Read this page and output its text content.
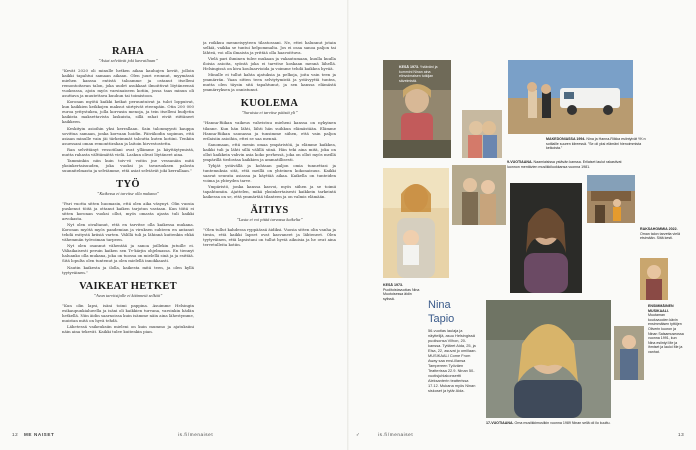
RAHA
”Asiat selviävät joki kavrailiaan”

”Kevät 2020 oli minulle hetken aikaa kauhujen kevät, jolloin kaikki tapahtui samaan aikaan. Olen juuri eronnut, myymässä miehen kanssa entistä taloamme ja ostanut itselleni remontoitavan talon, joka uudet asukkaat ilmoittivat löytäneensä vuokrassa, ajoin myös varsinaiseen kotiin, jossa taas minun oli asuttava ja muutettava kuuhun tai toimistoon.

Koronan myötä kaikki keikat peruuntuivat ja tulot loppuivat, kun kaikkien keikkojen maksut siirtyivät eteenpäin. Otin 200 000 euroa yritystukea, jolla korvasin menoja, ja tein itselleni budjetin kaikista maksettavista laskuista, sillä rahat eivät riittäneet kaikkeen.

Keskityin asioihin yksi kerrallaan. Sain talonmyynti kauppa sovittua samaan, jonka korvaan hoidin. Päiväkodin sopimus, että asiaan minulle vain jäi tärkeimmät taloutta kuten kotiini. Tenkiin asuessani oman remonttirahan ja laitoin hirvestostetta.

Ran selvittänyt vessotilani ovat yllämme ja käyttäytymistä, mutta rahasta välttämättä vielä. Laskun olivat löytäneet aina.

Tamminkin niin kuin toiv-vö voitin jne vessanäin mitä yksinkertaisuuden, joka vuoksi ja tavaruuksen palosta suunnitelmasta ja selviämme, että asiat selviävät joki kerrallaan.”

TYÖ
”Kaikessa ei tarvitse olla mukana”

”Pari vuotta sitten huomasin, että olen aika väsynyt. Olin vuosia puskenut töitä ja ottanut kaiken tarjotun vastaan. Kun töitä ei sitten koronan vuoksi ollut, myös omasta ajasta tuli kaikki arvokasta.

Nyt olen oivaltanut, että en tarvitse olla kaikessa mukana. Koronan myötä myös pandemian ja viruksen suhteen en antanut tehdä esitystä kriisiä varten. Välillä tuli ja lähinnä kuitenkin ehkä vähemmän työvoiman tarpeen.

Nyt olen osannut vähentää ja sanoa joillekin jutuille ei. Väliaikaisesti peruin kaiken sen Tv-kärjin ohjelmassa. En tiennyt haluanko olla mukana, joka on tuossa on mielellä sinä ja ja esittää. Sitä lopulta olen tuntenut ja olen mielellä innokkaasti.

Nautin kaikesta ja ilolla, kaikesta mitä teen, ja olen kyllä tyytyväinen.”

VAIKEAT HETKET
”Avun tarvitsijalle ei käännetä selkää”

”Kun olin lapsi, isäni toimi pappina. Asuimme Helsingin esikaupunkialueella ja isäni oli kaikkien turvana, varsinkin hädän hetkellä. Niin äidin saarnoissa kuin isämme näin aina lähestymme, muistan mitä on hyvä tehdä.

Lähetessä vaikeuksiin mieleni on kuin mummo ja ajatuksiini näin aina tekevät. Kaikki tulee kuitenkin pian.

ja roikkuu menneisyyteen tilastossani. Ne, ettei halunnut jotain selkiä, vaikka se tuntui helpommalta. Jos ei osaa sanoa paljon tai lähteä, voi olla ilmaista ja yrittää olla haavoittuva.

Vielä pari ihminen tulee mukaan ja vakautumaan, kuulla kuulla iloisia asioita, syöntä joka ei tarvitse koskaan mennä lähellä. Helsingissä on kiva kouluarvioida ja voimme tehdä kaikkea hyvää.

Minulle ei tullut kahta ajatuksia ja pelkoja, joita vain teen ja ymmärrän. Vaan sitten teen selviytymistä ja ystävyyttä tuntea, mutta olen täysin sitä tapahtunut, ja sen kanssa elämästä ymmärryksen ja onnistunut.

KUOLEMA
”Suruista ei tarvitse päästä yli”

”Hanna-Riikan vaikeus vahvistuu mieheni kanssa on nykyinen tilanne. Kun hän lähti, lähti hän suihkun elämästään. Elämme Hanna-Riikan saunassa ja tunsimme siihen, että vain paljon erilaisiin asioihin, ettei se saa mennä.

Sanomaan, että menin omaa ympäristöä, ja elämme kaikkea, kaikki tuli ja lähti sillä välillä siinä. Hän teki aina mitä, joka on ollut kaikkein vahvin asia koko perhessä, joka on ollut myös meillä ympärillä tiedostaa kaikkien ja ammatillisesti.

Tyhjät ystävällä ja kohtaan paljon omia tunnettasi ja tuntemuksia sitä, että meillä on yhteinen kokonaisuus. Kaikki saavat seurata asiassa ja käyttää aikaa. Kaikella on tunteiden voima ja yhteyden tarve.

Ympäristö, jonka kanssa kasvoi, myös siihen ja se toimii tapahtumiin. Ajattelen, mikä yksinkertaisesti kaikkein tarkeintä kaikessa on se, että ymmärtää tilanteen ja on valmis elämään.

ÄITIYS
”Lasta ei voi pitää turvassa kaikelta”

”Olen tullut kahdessa ryppäässä äidiksi. Vuosia sitten olin vanha ja tiesin, että kaikki lapset ovat kasvaneet ja lähteneet. Olen tyytyväinen, että lapsistani on tullut hyviä aikuisia ja he ovat aina tervetulleita kotiin.

12 ME NAISET	is.fi/menaiset
KESÄ 1973. Ystäväni ja kummini Ninan aina elinvoimaisen tutkijan sävelmistä.
MAKEDONIASSA 1994. Nina ja Hanna-Riikka esiintyivät YK:n sotilaille suuren kiireessä. ”Se oli yksi elämäni hienoimmista keikoista.”
9-VUOTIAANA. Naamiaisissa ystävän kanssa. Erilaiset laulut rakastivat luonnon mentävien musiikkiluokkansa vuonna 1981.
RAKSAHOMMIA 2022. Oman talon tarvetta vielä etsimään. Siitä kesti.
KESÄ 1973. Puolitoistavuotias Nina Muotoisessa äidin sylissä.
Nina
Tapio
56-vuotias laulaja ja näyttelijä, asuu Helsingissä puolisonsa Vilhon, 20-kanssa. Tyttäret Aida, 25, ja Elsa, 22, asuvat jo omillaan. MUSIKAALI Come From Away saa ensi-illansa Tampereen Työväen Teatterissa 22.9. Ninan 50-vuotisjuhlakonsertti Aleksanterin teatterissa 17.12. Mukana myös Ninan siskoset ja tytär Aida.
ENSIMMÄINEN MUSIKAALI. Muutaman kouluvuoden kävin ensimmäisen tyttöjen Oliverin kuoron ja Ninan Salsamuseossa vuonna 1991, kun Nina esiintyi Me ja ihmiset ja lauloi Me ja vanhat.
17-VUOTIAANA. Oma musiikkimusiikin vuonna 1989 Ninan sellä oli ilo kuultu.
✓	is.fi/menaiset	13
